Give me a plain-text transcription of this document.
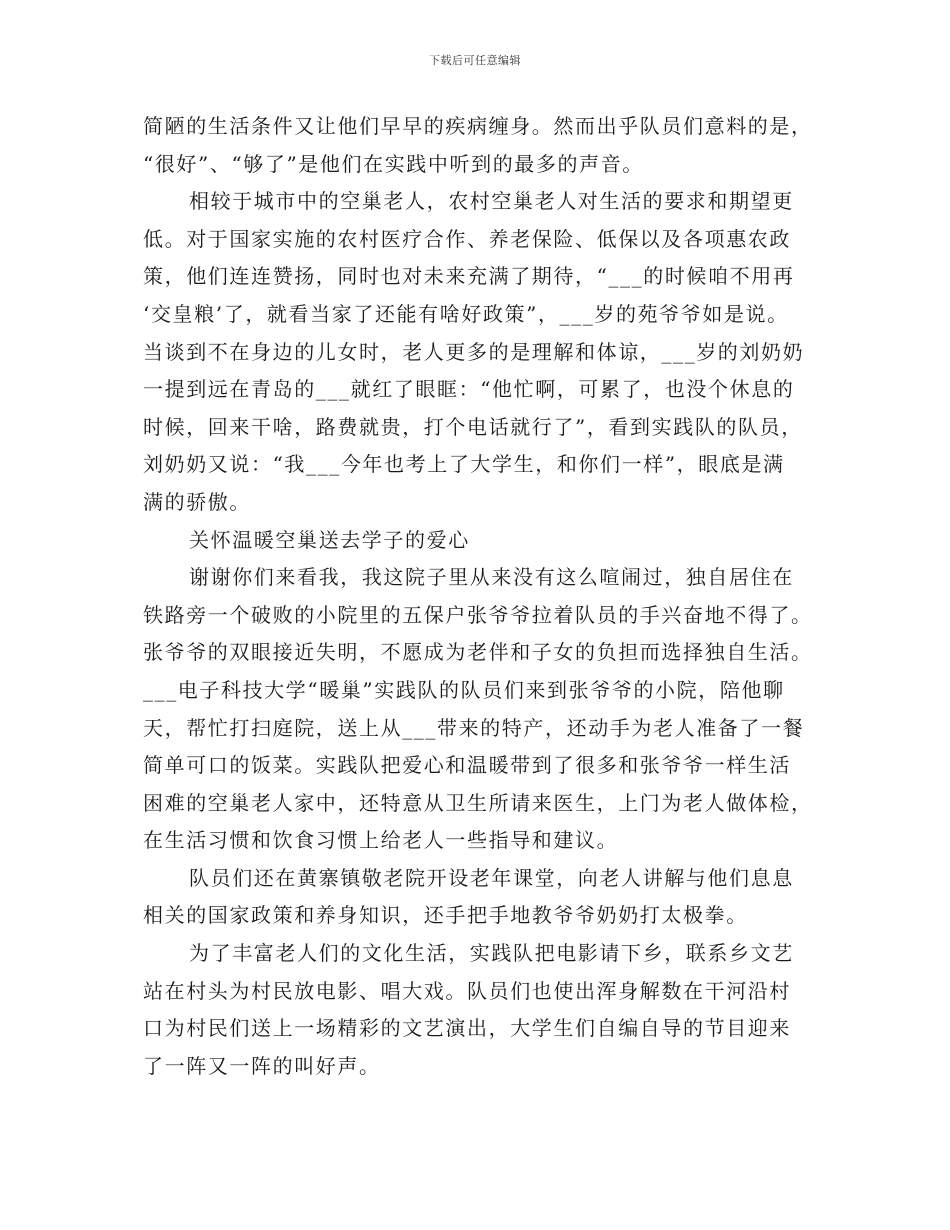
下载后可任意编辑
简陋的生活条件又让他们早早的疾病缠身。然而出乎队员们意料的是，
“很好”、“够了”是他们在实践中听到的最多的声音。
相较于城市中的空巢老人，农村空巢老人对生活的要求和期望更
低。对于国家实施的农村医疗合作、养老保险、低保以及各项惠农政
策，他们连连赞扬，同时也对未来充满了期待，“___的时候咱不用再
‘交皇粮’了，就看当家了还能有啥好政策”，___岁的苑爷爷如是说。
当谈到不在身边的儿女时，老人更多的是理解和体谅，___岁的刘奶奶
一提到远在青岛的___就红了眼眶：“他忙啊，可累了，也没个休息的
时候，回来干啥，路费就贵，打个电话就行了”，看到实践队的队员，
刘奶奶又说：“我___今年也考上了大学生，和你们一样”，眼底是满
满的骄傲。
关怀温暖空巢送去学子的爱心
谢谢你们来看我，我这院子里从来没有这么喧闹过，独自居住在
铁路旁一个破败的小院里的五保户张爷爷拉着队员的手兴奋地不得了。
张爷爷的双眼接近失明，不愿成为老伴和子女的负担而选择独自生活。
___电子科技大学“暖巢”实践队的队员们来到张爷爷的小院，陪他聊
天，帮忙打扫庭院，送上从___带来的特产，还动手为老人准备了一餐
简单可口的饭菜。实践队把爱心和温暖带到了很多和张爷爷一样生活
困难的空巢老人家中，还特意从卫生所请来医生，上门为老人做体检，
在生活习惯和饮食习惯上给老人一些指导和建议。
队员们还在黄寨镇敬老院开设老年课堂，向老人讲解与他们息息
相关的国家政策和养身知识，还手把手地教爷爷奶奶打太极拳。
为了丰富老人们的文化生活，实践队把电影请下乡，联系乡文艺
站在村头为村民放电影、唱大戏。队员们也使出浑身解数在干河沿村
口为村民们送上一场精彩的文艺演出，大学生们自编自导的节目迎来
了一阵又一阵的叫好声。
